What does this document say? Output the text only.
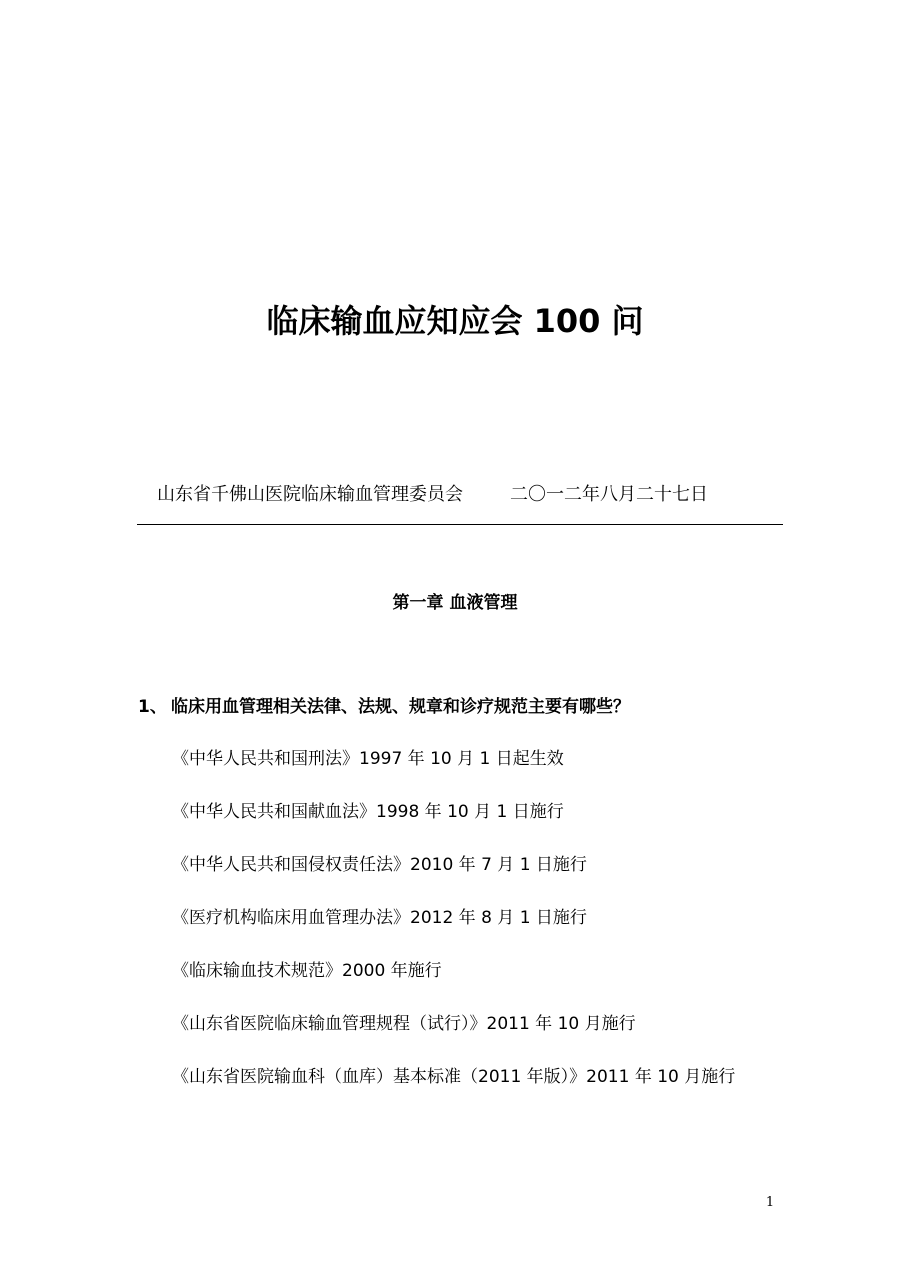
临床输血应知应会 100 问
山东省千佛山医院临床输血管理委员会	二〇一二年八月二十七日
第一章 血液管理
1、 临床用血管理相关法律、法规、规章和诊疗规范主要有哪些？
《中华人民共和国刑法》1997 年 10 月 1 日起生效
《中华人民共和国献血法》1998 年 10 月 1 日施行
《中华人民共和国侵权责任法》2010 年 7 月 1 日施行
《医疗机构临床用血管理办法》2012 年 8 月 1 日施行
《临床输血技术规范》2000 年施行
《山东省医院临床输血管理规程（试行）》2011 年 10 月施行
《山东省医院输血科（血库）基本标准（2011 年版）》2011 年 10 月施行
1
